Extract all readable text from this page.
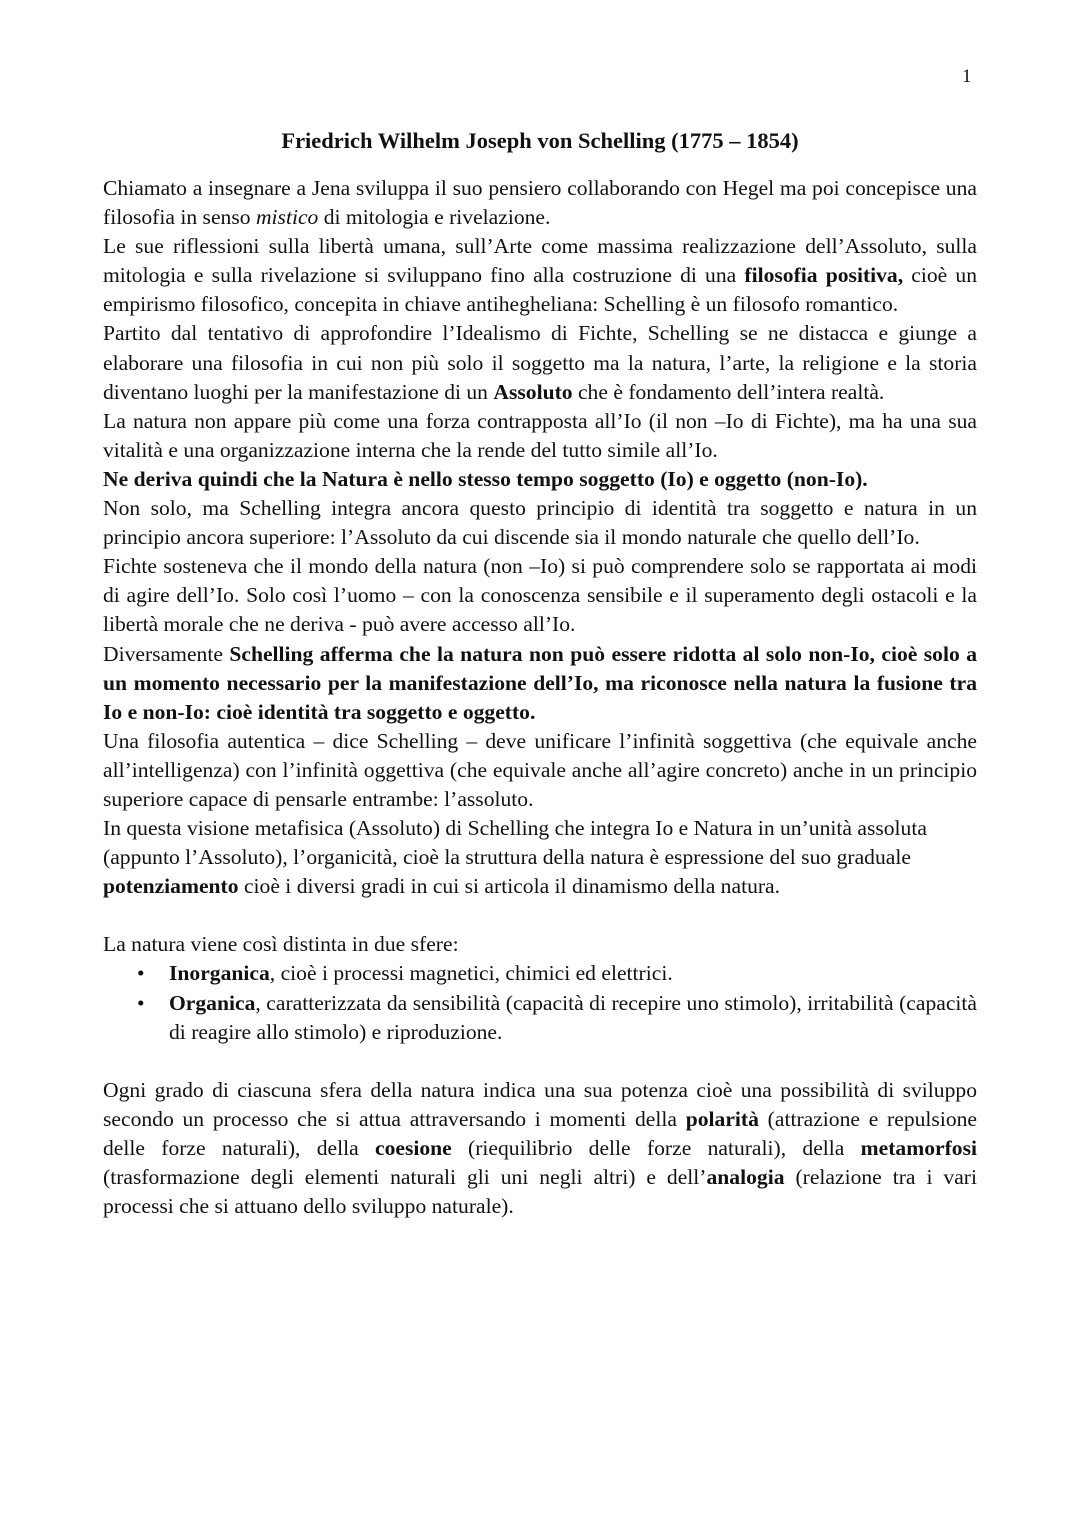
1
Friedrich Wilhelm Joseph von Schelling (1775 – 1854)

Chiamato a insegnare a Jena sviluppa il suo pensiero collaborando con Hegel ma poi concepisce una filosofia in senso mistico di mitologia e rivelazione.

Le sue riflessioni sulla libertà umana, sull’Arte come massima realizzazione dell’Assoluto, sulla mitologia e sulla rivelazione si sviluppano fino alla costruzione di una filosofia positiva, cioè un empirismo filosofico, concepita in chiave antihegheliana: Schelling è un filosofo romantico.

Partito dal tentativo di approfondire l’Idealismo di Fichte, Schelling se ne distacca e giunge a elaborare una filosofia in cui non più solo il soggetto ma la natura, l’arte, la religione e la storia diventano luoghi per la manifestazione di un Assoluto che è fondamento dell’intera realtà.

La natura non appare più come una forza contrapposta all’Io (il non –Io di Fichte), ma ha una sua vitalità e una organizzazione interna che la rende del tutto simile all’Io.

Ne deriva quindi che la Natura è nello stesso tempo soggetto (Io) e oggetto (non-Io).

Non solo, ma Schelling integra ancora questo principio di identità tra soggetto e natura in un principio ancora superiore: l’Assoluto da cui discende sia il mondo naturale che quello dell’Io.

Fichte sosteneva che il mondo della natura (non –Io) si può comprendere solo se rapportata ai modi di agire dell’Io. Solo così l’uomo – con la conoscenza sensibile e il superamento degli ostacoli e la libertà morale che ne deriva - può avere accesso all’Io.

Diversamente Schelling afferma che la natura non può essere ridotta al solo non-Io, cioè solo a un momento necessario per la manifestazione dell’Io, ma riconosce nella natura la fusione tra Io e non-Io: cioè identità tra soggetto e oggetto.

Una filosofia autentica – dice Schelling – deve unificare l’infinità soggettiva (che equivale anche all’intelligenza) con l’infinità oggettiva (che equivale anche all’agire concreto) anche in un principio superiore capace di pensarle entrambe: l’assoluto.

In questa visione metafisica (Assoluto) di Schelling che integra Io e Natura in un’unità assoluta (appunto l’Assoluto), l’organicità, cioè la struttura della natura è espressione del suo graduale potenziamento cioè i diversi gradi in cui si articola il dinamismo della natura.

La natura viene così distinta in due sfere:

• Inorganica, cioè i processi magnetici, chimici ed elettrici.
• Organica, caratterizzata da sensibilità (capacità di recepire uno stimolo), irritabilità (capacità di reagire allo stimolo) e riproduzione.

Ogni grado di ciascuna sfera della natura indica una sua potenza cioè una possibilità di sviluppo secondo un processo che si attua attraversando i momenti della polarità (attrazione e repulsione delle forze naturali), della coesione (riequilibrio delle forze naturali), della metamorfosi (trasformazione degli elementi naturali gli uni negli altri) e dell’analogia (relazione tra i vari processi che si attuano dello sviluppo naturale).
